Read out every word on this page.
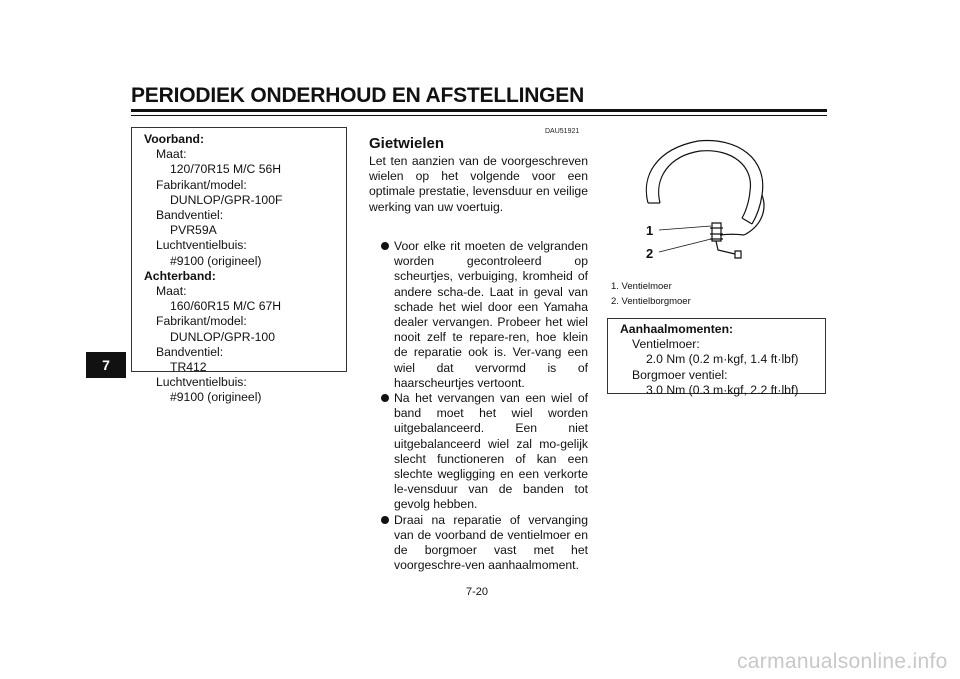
PERIODIEK ONDERHOUD EN AFSTELLINGEN
7
Voorband:
Maat:
120/70R15 M/C 56H
Fabrikant/model:
DUNLOP/GPR-100F
Bandventiel:
PVR59A
Luchtventielbuis:
#9100 (origineel)
Achterband:
Maat:
160/60R15 M/C 67H
Fabrikant/model:
DUNLOP/GPR-100
Bandventiel:
TR412
Luchtventielbuis:
#9100 (origineel)
DAU51921
Gietwielen
Let ten aanzien van de voorgeschreven wielen op het volgende voor een optimale prestatie, levensduur en veilige werking van uw voertuig.
Voor elke rit moeten de velgranden worden gecontroleerd op scheurtjes, verbuiging, kromheid of andere scha-de. Laat in geval van schade het wiel door een Yamaha dealer vervangen. Probeer het wiel nooit zelf te repare-ren, hoe klein de reparatie ook is. Ver-vang een wiel dat vervormd is of haarscheurtjes vertoont.
Na het vervangen van een wiel of band moet het wiel worden uitgebalanceerd. Een niet uitgebalanceerd wiel zal mo-gelijk slecht functioneren of kan een slechte wegligging en een verkorte le-vensduur van de banden tot gevolg hebben.
Draai na reparatie of vervanging van de voorband de ventielmoer en de borgmoer vast met het voorgeschre-ven aanhaalmoment.
1
2
1. Ventielmoer
2. Ventielborgmoer
Aanhaalmomenten:
Ventielmoer:
2.0 Nm (0.2 m·kgf, 1.4 ft·lbf)
Borgmoer ventiel:
3.0 Nm (0.3 m·kgf, 2.2 ft·lbf)
7-20
carmanualsonline.info
